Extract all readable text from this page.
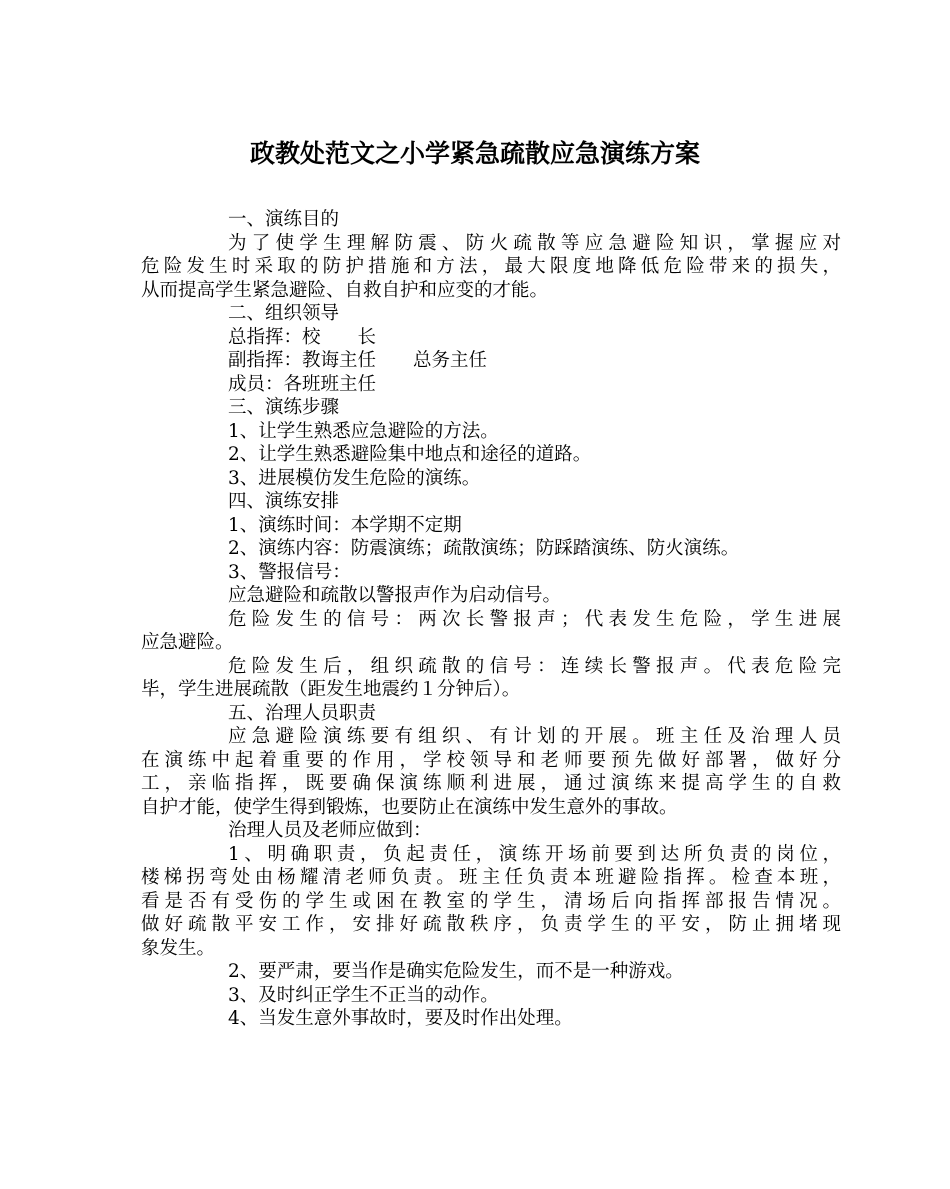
政教处范文之小学紧急疏散应急演练方案
一、演练目的
为了使学生理解防震、防火疏散等应急避险知识，掌握应对
危险发生时采取的防护措施和方法，最大限度地降低危险带来的损失，
从而提高学生紧急避险、自救自护和应变的才能。
二、组织领导
总指挥：校　　长
副指挥：教诲主任　　总务主任
成员：各班班主任
三、演练步骤
1、让学生熟悉应急避险的方法。
2、让学生熟悉避险集中地点和途径的道路。
3、进展模仿发生危险的演练。
四、演练安排
1、演练时间：本学期不定期
2、演练内容：防震演练；疏散演练；防踩踏演练、防火演练。
3、警报信号：
应急避险和疏散以警报声作为启动信号。
危险发生的信号：两次长警报声；代表发生危险，学生进展
应急避险。
危险发生后，组织疏散的信号：连续长警报声。代表危险完
毕，学生进展疏散（距发生地震约１分钟后）。
五、治理人员职责
应急避险演练要有组织、有计划的开展。班主任及治理人员
在演练中起着重要的作用，学校领导和老师要预先做好部署，做好分
工，亲临指挥，既要确保演练顺利进展，通过演练来提高学生的自救
自护才能，使学生得到锻炼，也要防止在演练中发生意外的事故。
治理人员及老师应做到：
1、明确职责，负起责任，演练开场前要到达所负责的岗位，
楼梯拐弯处由杨耀清老师负责。班主任负责本班避险指挥。检查本班，
看是否有受伤的学生或困在教室的学生，清场后向指挥部报告情况。
做好疏散平安工作，安排好疏散秩序，负责学生的平安，防止拥堵现
象发生。
2、要严肃，要当作是确实危险发生，而不是一种游戏。
3、及时纠正学生不正当的动作。
4、当发生意外事故时，要及时作出处理。
